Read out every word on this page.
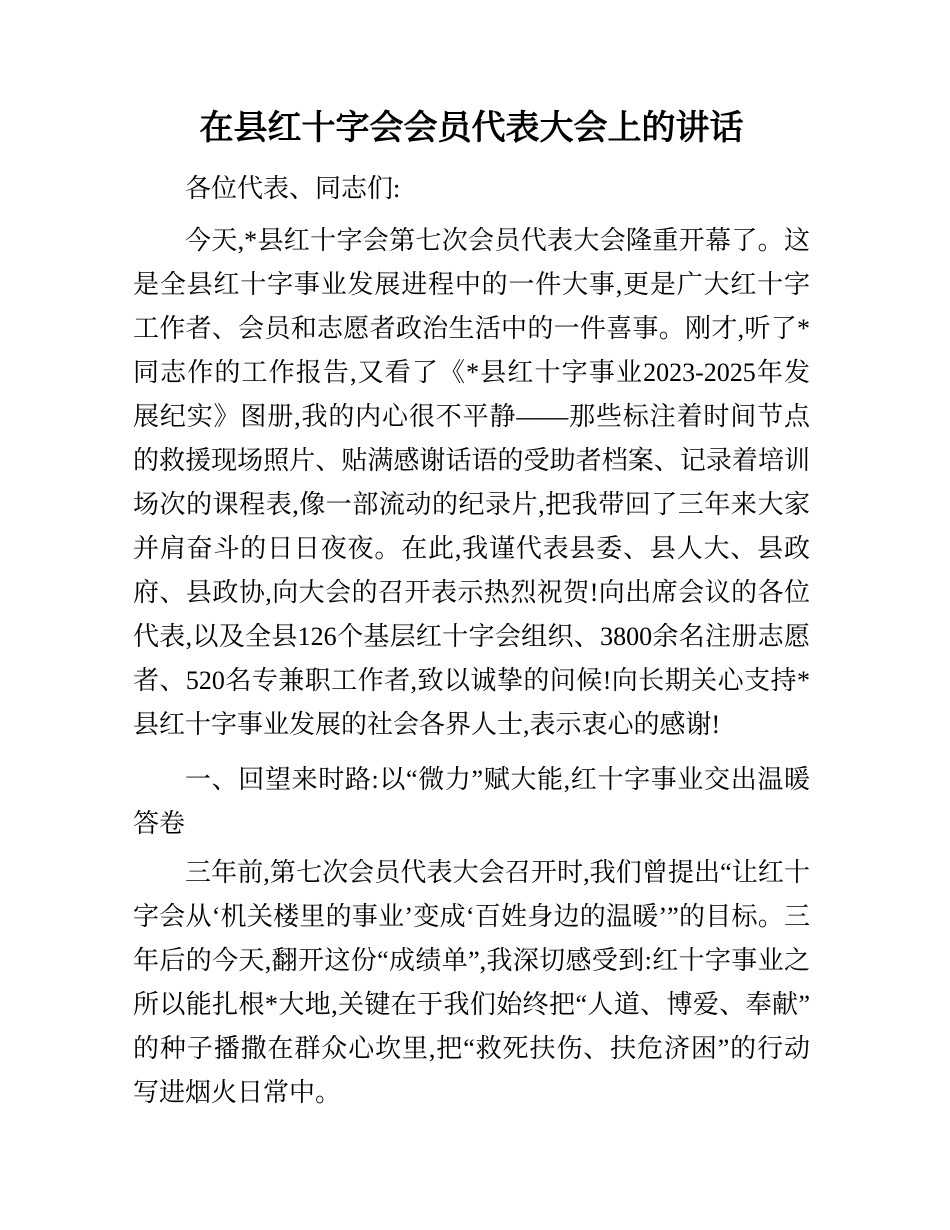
在县红十字会会员代表大会上的讲话

各位代表、同志们:

今天,*县红十字会第七次会员代表大会隆重开幕了。这是全县红十字事业发展进程中的一件大事,更是广大红十字工作者、会员和志愿者政治生活中的一件喜事。刚才,听了*同志作的工作报告,又看了《*县红十字事业2023-2025年发展纪实》图册,我的内心很不平静——那些标注着时间节点的救援现场照片、贴满感谢话语的受助者档案、记录着培训场次的课程表,像一部流动的纪录片,把我带回了三年来大家并肩奋斗的日日夜夜。在此,我谨代表县委、县人大、县政府、县政协,向大会的召开表示热烈祝贺!向出席会议的各位代表,以及全县126个基层红十字会组织、3800余名注册志愿者、520名专兼职工作者,致以诚挚的问候!向长期关心支持*县红十字事业发展的社会各界人士,表示衷心的感谢!

一、回望来时路:以“微力”赋大能,红十字事业交出温暖答卷

三年前,第七次会员代表大会召开时,我们曾提出“让红十字会从‘机关楼里的事业’变成‘百姓身边的温暖’”的目标。三年后的今天,翻开这份“成绩单”,我深切感受到:红十字事业之所以能扎根*大地,关键在于我们始终把“人道、博爱、奉献”的种子播撒在群众心坎里,把“救死扶伤、扶危济困”的行动写进烟火日常中。
